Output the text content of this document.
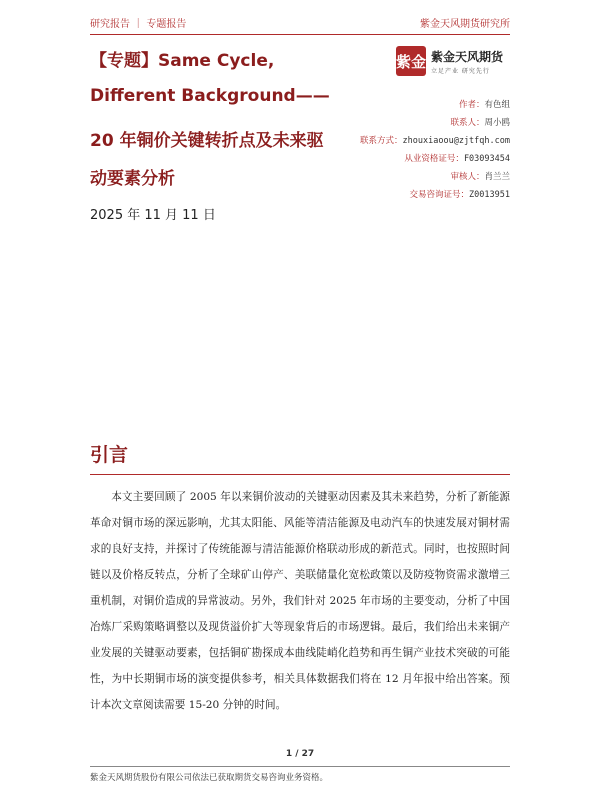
研究报告 ｜ 专题报告	紫金天风期货研究所
【专题】Same Cycle,
Different Background——
20 年铜价关键转折点及未来驱
动要素分析
2025 年 11 月 11 日
紫金 紫金天风期货
立足产业 研究先行
作者：有色组
联系人：周小鸥
联系方式：zhouxiaoou@zjtfqh.com
从业资格证号：F03093454
审核人：肖兰兰
交易咨询证号：Z0013951
引言
本文主要回顾了 2005 年以来铜价波动的关键驱动因素及其未来趋势，分析了新能源革命对铜市场的深远影响，尤其太阳能、风能等清洁能源及电动汽车的快速发展对铜材需求的良好支持，并探讨了传统能源与清洁能源价格联动形成的新范式。同时，也按照时间链以及价格反转点，分析了全球矿山停产、美联储量化宽松政策以及防疫物资需求激增三重机制，对铜价造成的异常波动。另外，我们针对 2025 年市场的主要变动，分析了中国冶炼厂采购策略调整以及现货溢价扩大等现象背后的市场逻辑。最后，我们给出未来铜产业发展的关键驱动要素，包括铜矿勘探成本曲线陡峭化趋势和再生铜产业技术突破的可能性，为中长期铜市场的演变提供参考，相关具体数据我们将在 12 月年报中给出答案。预计本次文章阅读需要 15-20 分钟的时间。
1 / 27
紫金天风期货股份有限公司依法已获取期货交易咨询业务资格。
